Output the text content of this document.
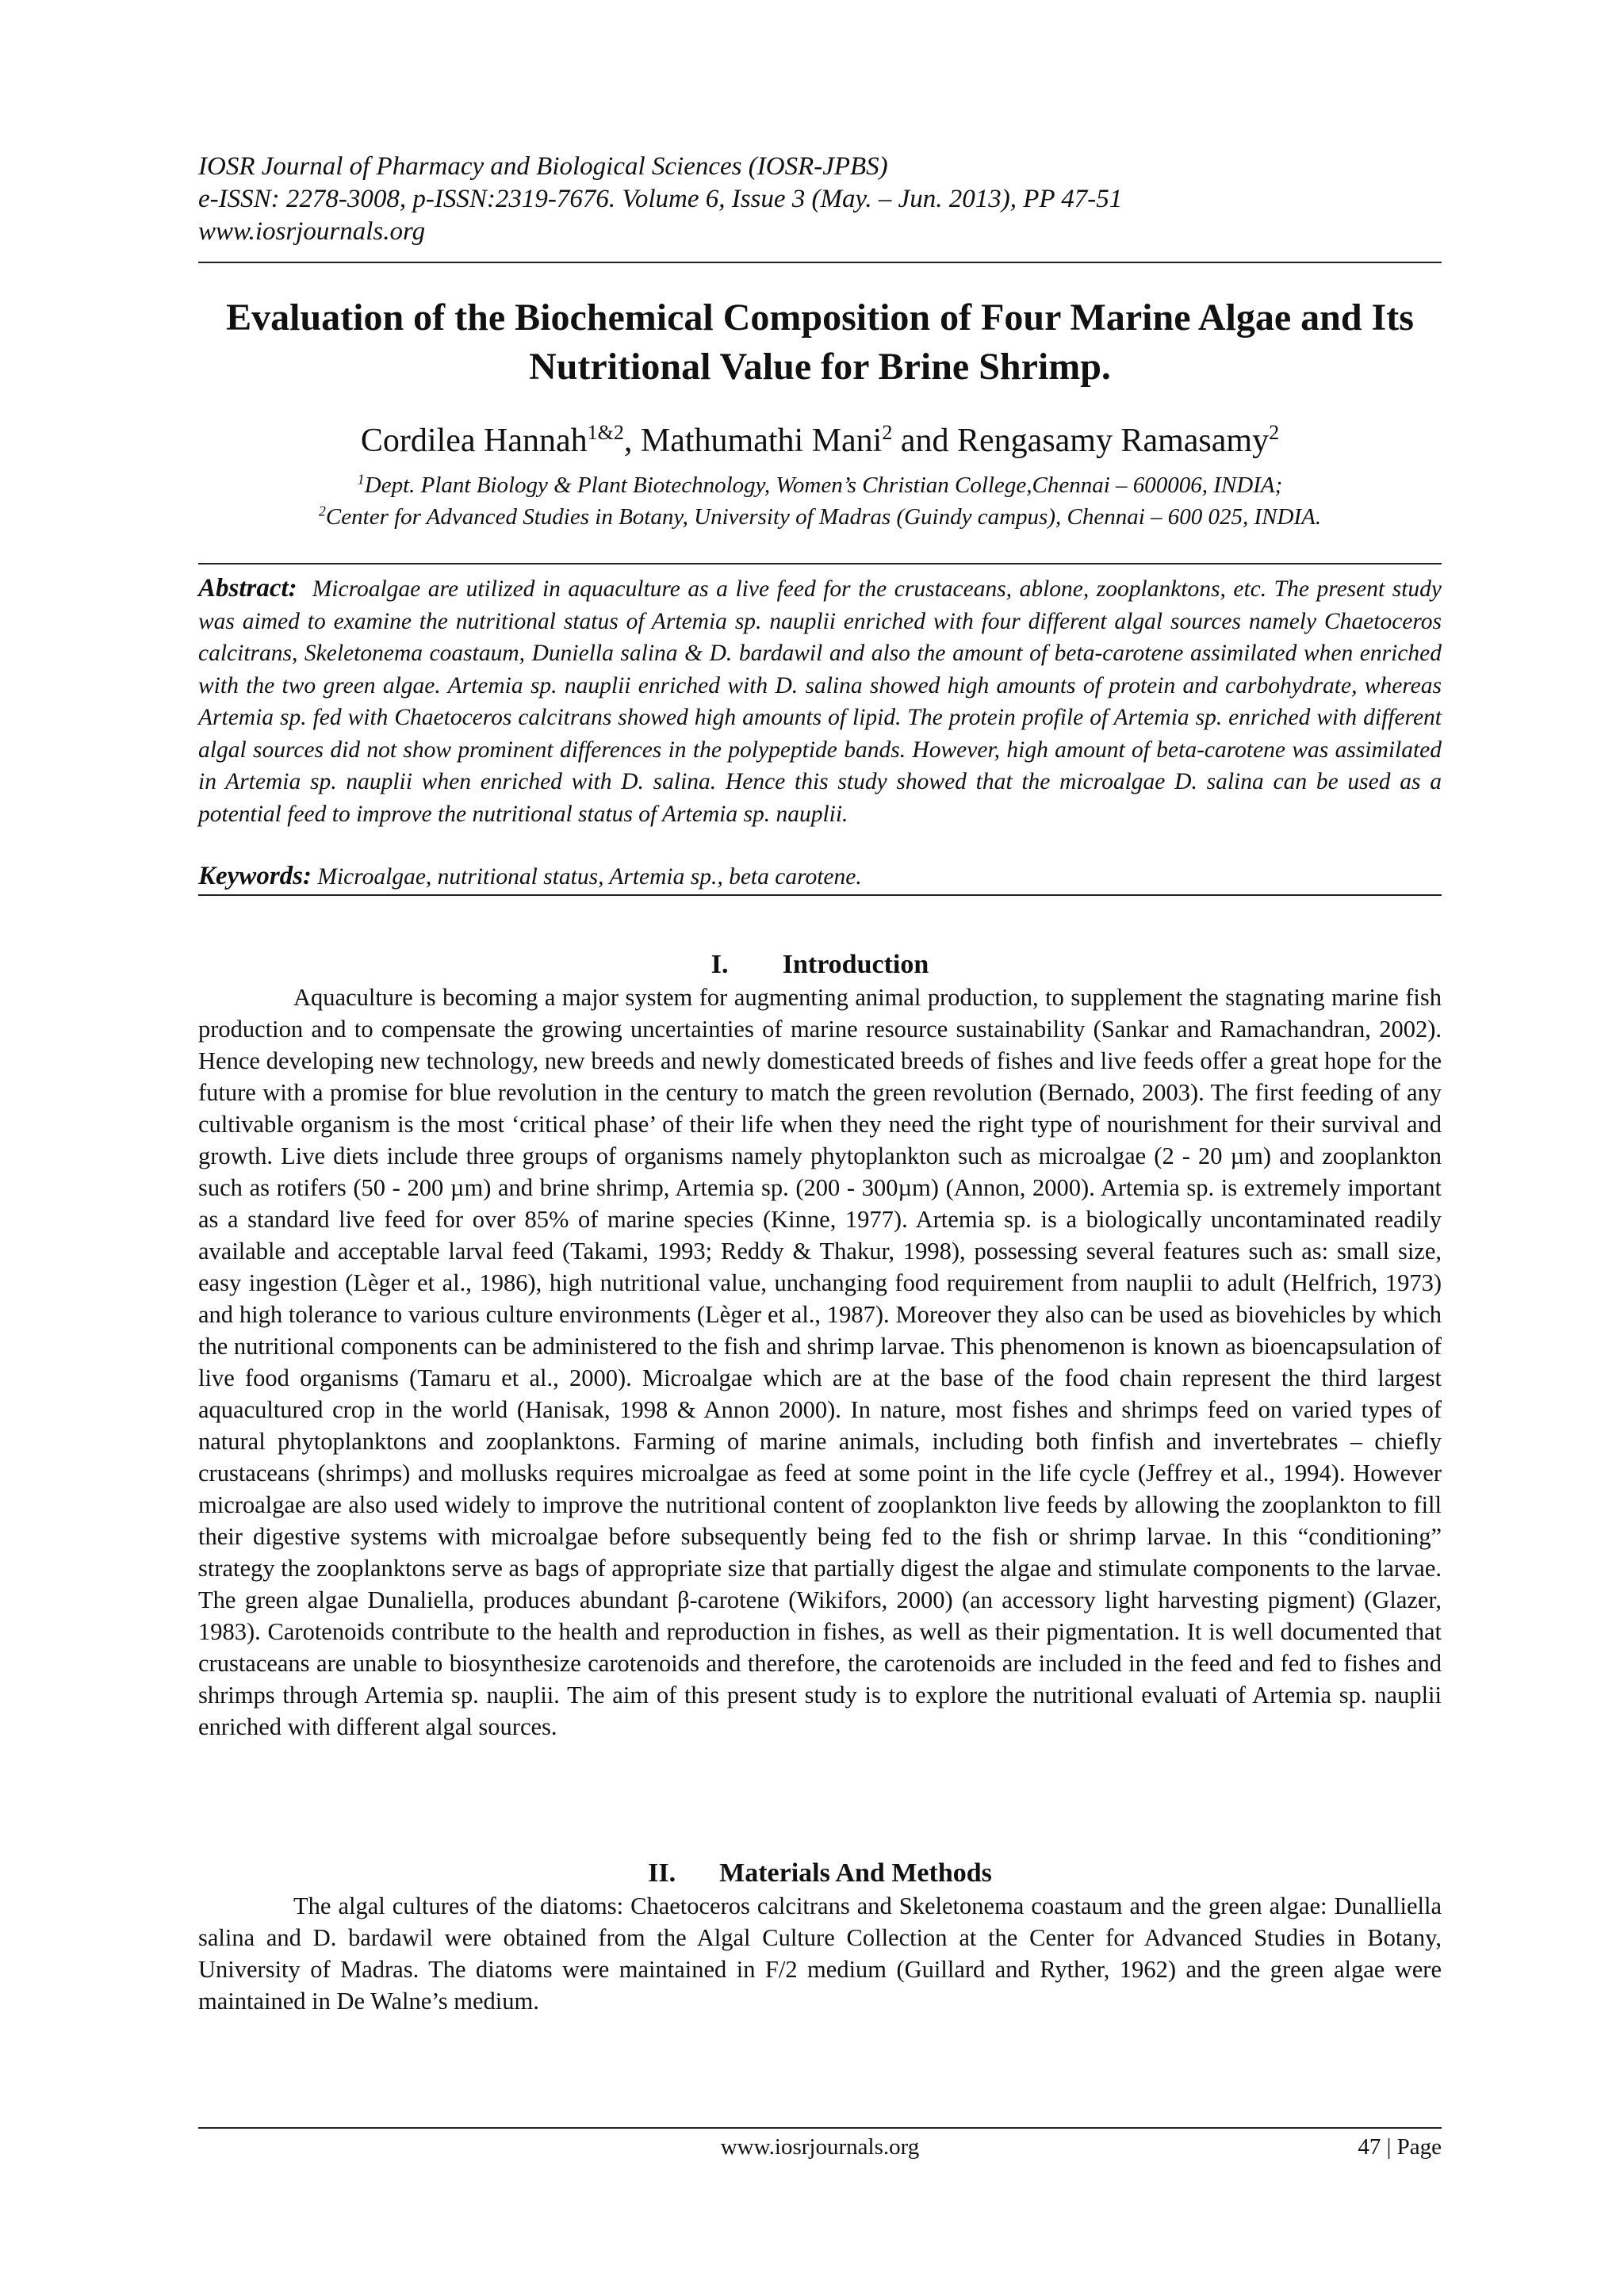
IOSR Journal of Pharmacy and Biological Sciences (IOSR-JPBS)
e-ISSN: 2278-3008, p-ISSN:2319-7676. Volume 6, Issue 3 (May. – Jun. 2013), PP 47-51
www.iosrjournals.org
Evaluation of the Biochemical Composition of Four Marine Algae and Its Nutritional Value for Brine Shrimp.
Cordilea Hannah$^{1\&2}$, Mathumathi Mani$^2$ and Rengasamy Ramasamy$^2$
$^1$Dept. Plant Biology & Plant Biotechnology, Women’s Christian College,Chennai – 600006, INDIA;
$^2$Center for Advanced Studies in Botany, University of Madras (Guindy campus), Chennai – 600 025, INDIA.
Abstract: Microalgae are utilized in aquaculture as a live feed for the crustaceans, ablone, zooplanktons, etc. The present study was aimed to examine the nutritional status of Artemia sp. nauplii enriched with four different algal sources namely Chaetoceros calcitrans, Skeletonema coastaum, Duniella salina & D. bardawil and also the amount of beta-carotene assimilated when enriched with the two green algae. Artemia sp. nauplii enriched with D. salina showed high amounts of protein and carbohydrate, whereas Artemia sp. fed with Chaetoceros calcitrans showed high amounts of lipid. The protein profile of Artemia sp. enriched with different algal sources did not show prominent differences in the polypeptide bands. However, high amount of beta-carotene was assimilated in Artemia sp. nauplii when enriched with D. salina. Hence this study showed that the microalgae D. salina can be used as a potential feed to improve the nutritional status of Artemia sp. nauplii.
Keywords: Microalgae, nutritional status, Artemia sp., beta carotene.
I. Introduction

Aquaculture is becoming a major system for augmenting animal production, to supplement the stagnating marine fish production and to compensate the growing uncertainties of marine resource sustainability (Sankar and Ramachandran, 2002). Hence developing new technology, new breeds and newly domesticated breeds of fishes and live feeds offer a great hope for the future with a promise for blue revolution in the century to match the green revolution (Bernado, 2003). The first feeding of any cultivable organism is the most ‘critical phase’ of their life when they need the right type of nourishment for their survival and growth. Live diets include three groups of organisms namely phytoplankton such as microalgae (2 - 20 µm) and zooplankton such as rotifers (50 - 200 µm) and brine shrimp, Artemia sp. (200 - 300µm) (Annon, 2000). Artemia sp. is extremely important as a standard live feed for over 85% of marine species (Kinne, 1977). Artemia sp. is a biologically uncontaminated readily available and acceptable larval feed (Takami, 1993; Reddy & Thakur, 1998), possessing several features such as: small size, easy ingestion (Lèger et al., 1986), high nutritional value, unchanging food requirement from nauplii to adult (Helfrich, 1973) and high tolerance to various culture environments (Lèger et al., 1987). Moreover they also can be used as biovehicles by which the nutritional components can be administered to the fish and shrimp larvae. This phenomenon is known as bioencapsulation of live food organisms (Tamaru et al., 2000). Microalgae which are at the base of the food chain represent the third largest aquacultured crop in the world (Hanisak, 1998 & Annon 2000). In nature, most fishes and shrimps feed on varied types of natural phytoplanktons and zooplanktons. Farming of marine animals, including both finfish and invertebrates – chiefly crustaceans (shrimps) and mollusks requires microalgae as feed at some point in the life cycle (Jeffrey et al., 1994). However microalgae are also used widely to improve the nutritional content of zooplankton live feeds by allowing the zooplankton to fill their digestive systems with microalgae before subsequently being fed to the fish or shrimp larvae. In this “conditioning” strategy the zooplanktons serve as bags of appropriate size that partially digest the algae and stimulate components to the larvae. The green algae Dunaliella, produces abundant β-carotene (Wikifors, 2000) (an accessory light harvesting pigment) (Glazer, 1983). Carotenoids contribute to the health and reproduction in fishes, as well as their pigmentation. It is well documented that crustaceans are unable to biosynthesize carotenoids and therefore, the carotenoids are included in the feed and fed to fishes and shrimps through Artemia sp. nauplii. The aim of this present study is to explore the nutritional evaluati of Artemia sp. nauplii enriched with different algal sources.

II. Materials And Methods

The algal cultures of the diatoms: Chaetoceros calcitrans and Skeletonema coastaum and the green algae: Dunalliella salina and D. bardawil were obtained from the Algal Culture Collection at the Center for Advanced Studies in Botany, University of Madras. The diatoms were maintained in F/2 medium (Guillard and Ryther, 1962) and the green algae were maintained in De Walne’s medium.

www.iosrjournals.org	47 | Page
